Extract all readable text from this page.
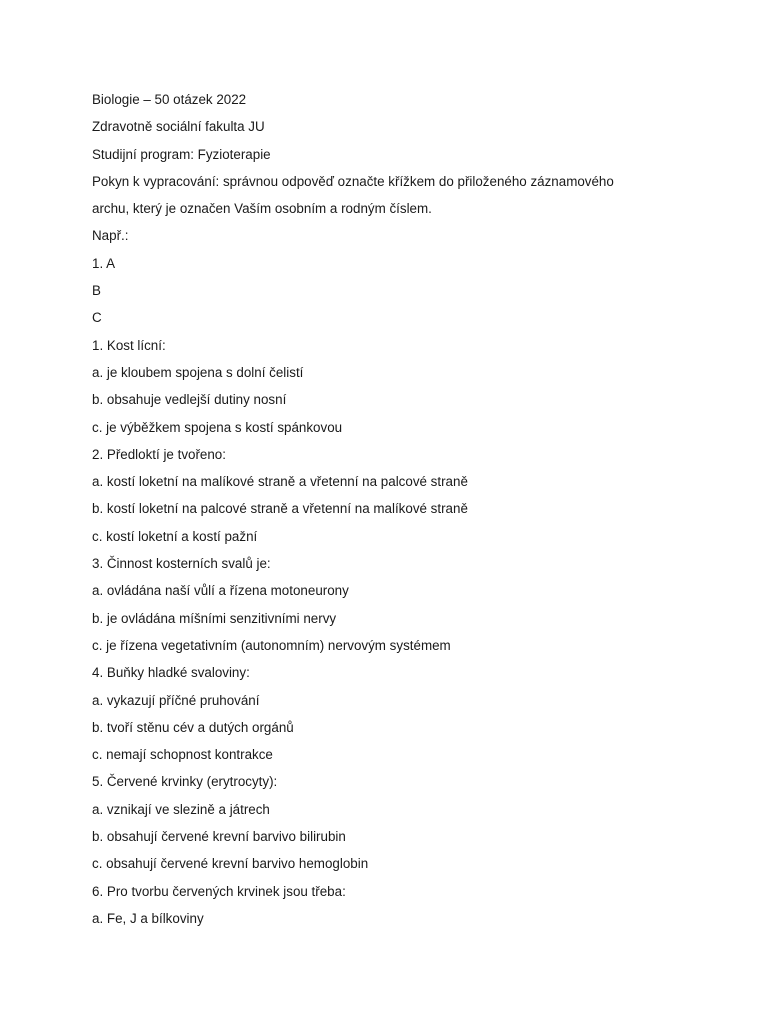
Biologie – 50 otázek 2022
Zdravotně sociální fakulta JU
Studijní program: Fyzioterapie
Pokyn k vypracování: správnou odpověď označte křížkem do přiloženého záznamového
archu, který je označen Vaším osobním a rodným číslem.
Např.:
1. A
B
C
1. Kost lícní:
a. je kloubem spojena s dolní čelistí
b. obsahuje vedlejší dutiny nosní
c. je výběžkem spojena s kostí spánkovou
2. Předloktí je tvořeno:
a. kostí loketní na malíkové straně a vřetenní na palcové straně
b. kostí loketní na palcové straně a vřetenní na malíkové straně
c. kostí loketní a kostí pažní
3. Činnost kosterních svalů je:
a. ovládána naší vůlí a řízena motoneurony
b. je ovládána míšními senzitivními nervy
c. je řízena vegetativním (autonomním) nervovým systémem
4. Buňky hladké svaloviny:
a. vykazují příčné pruhování
b. tvoří stěnu cév a dutých orgánů
c. nemají schopnost kontrakce
5. Červené krvinky (erytrocyty):
a. vznikají ve slezině a játrech
b. obsahují červené krevní barvivo bilirubin
c. obsahují červené krevní barvivo hemoglobin
6. Pro tvorbu červených krvinek jsou třeba:
a. Fe, J a bílkoviny
